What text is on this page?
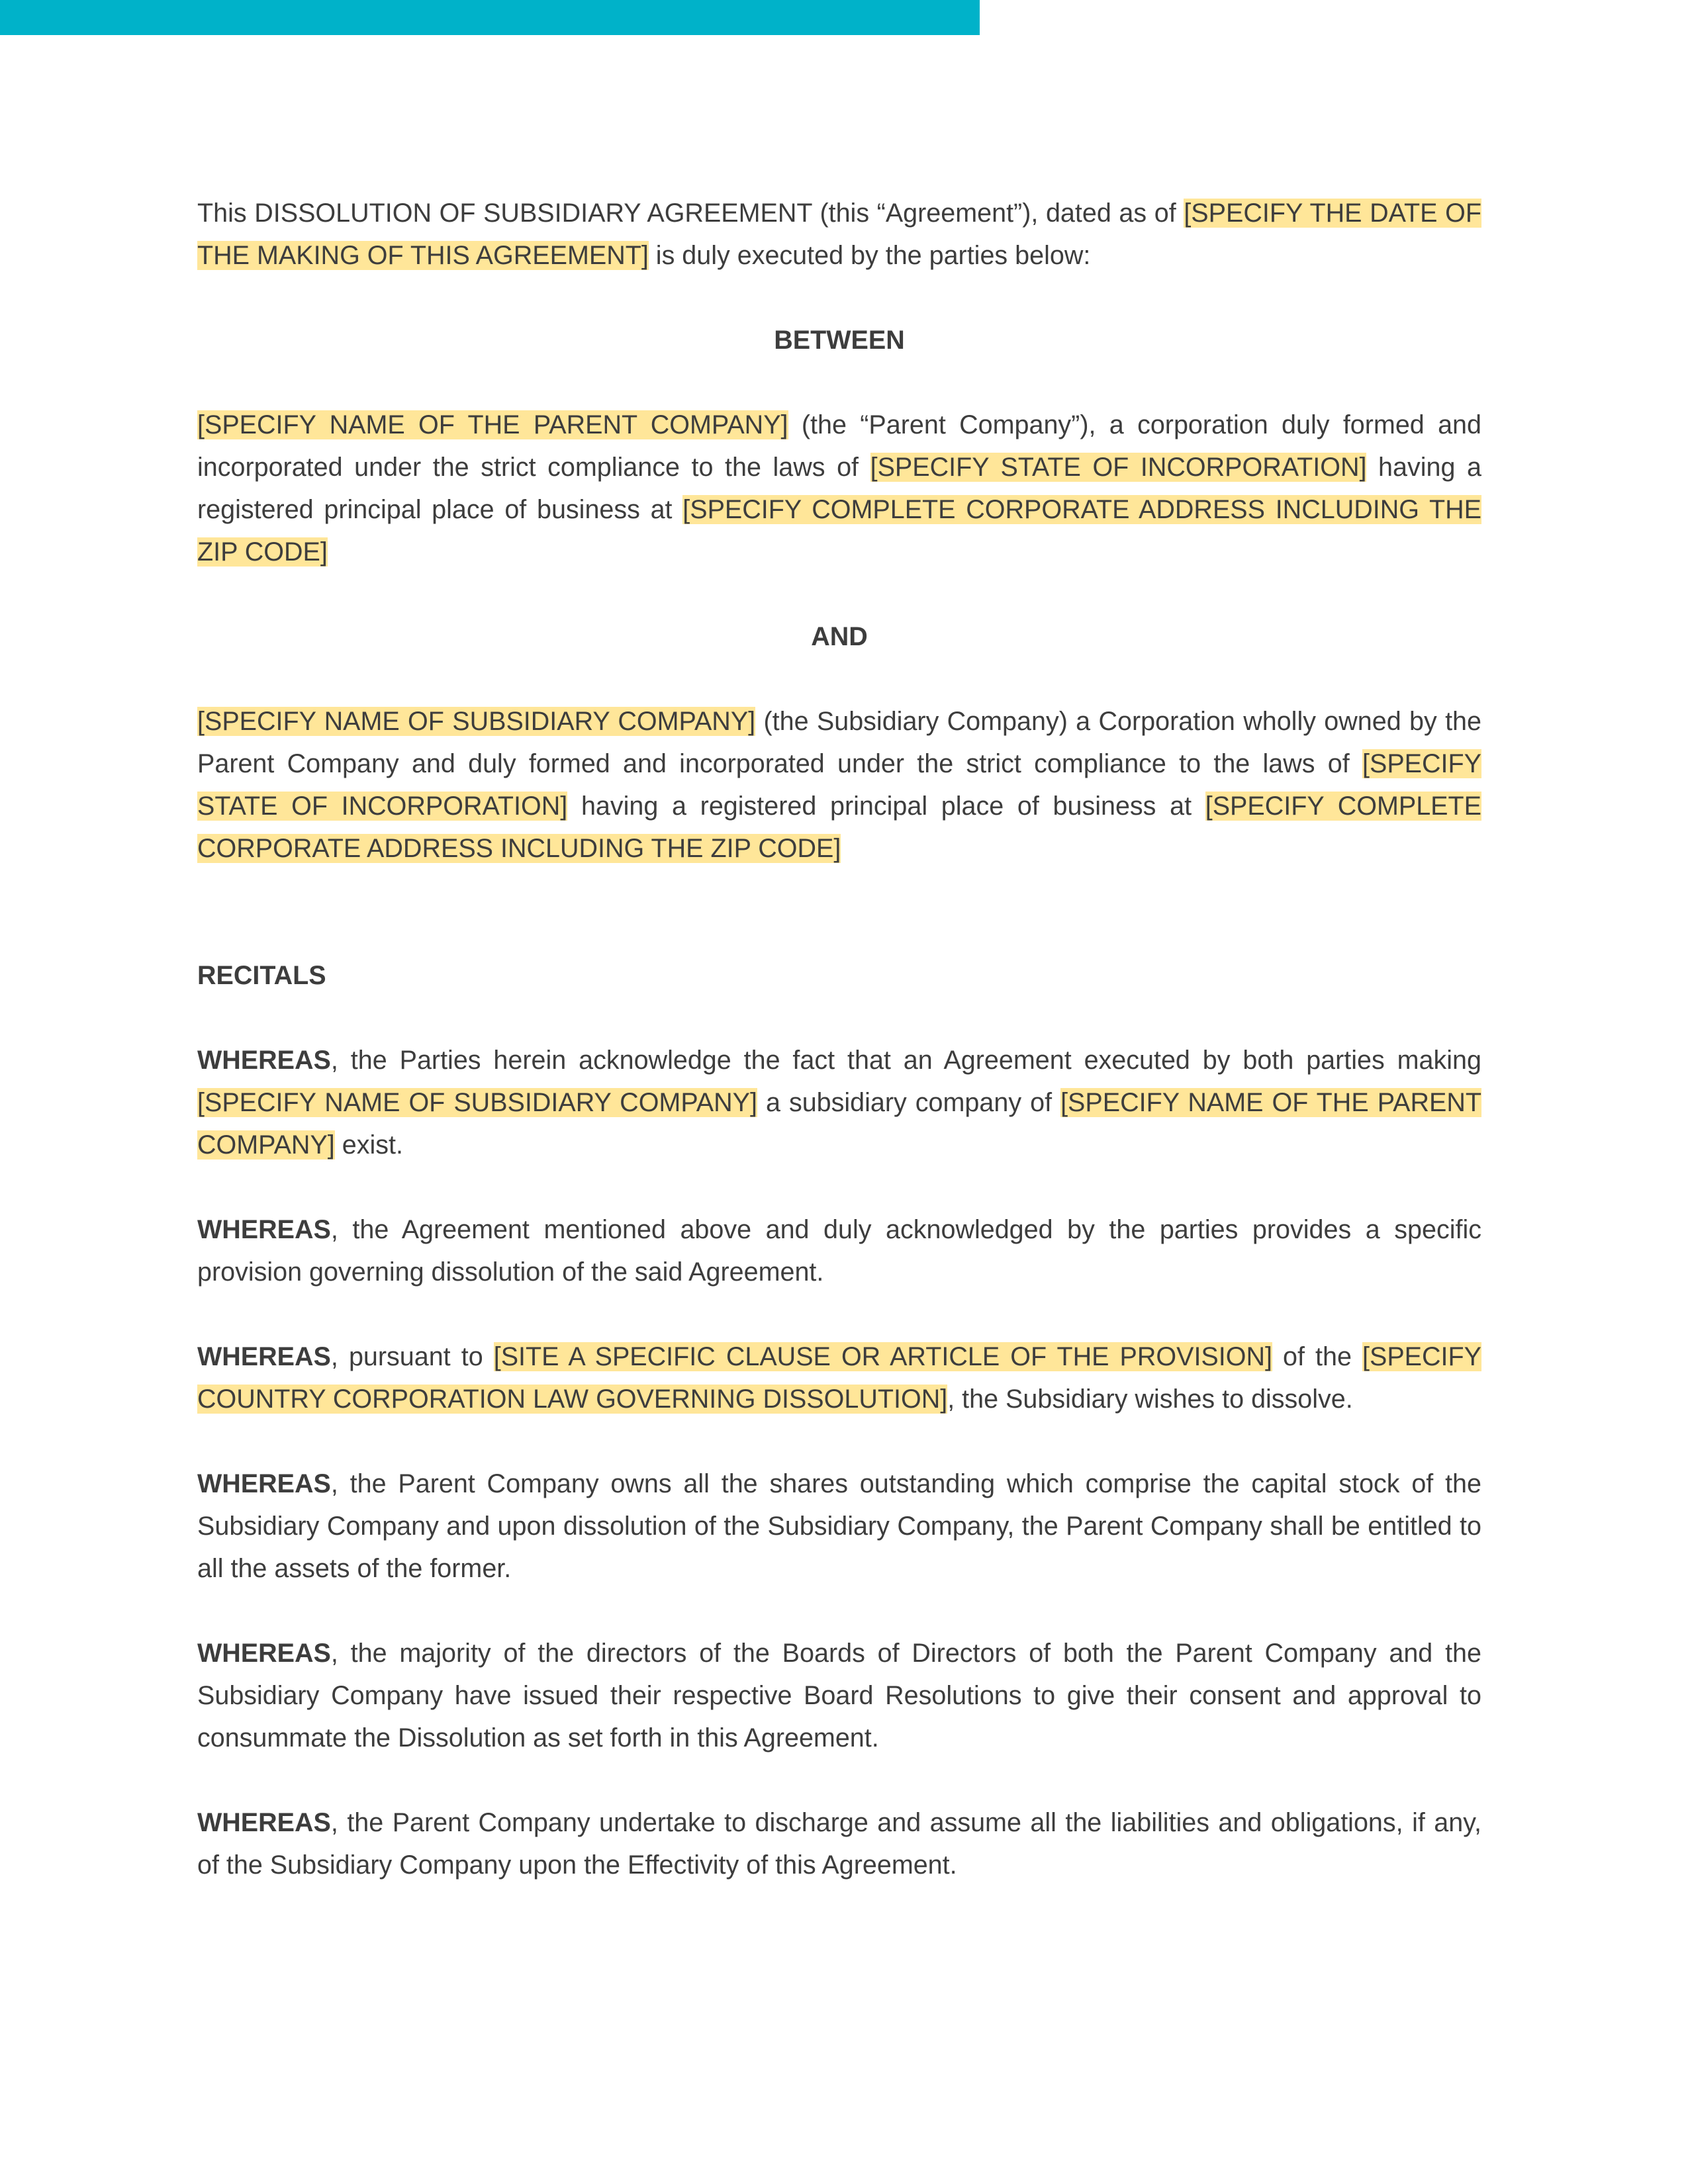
This DISSOLUTION OF SUBSIDIARY AGREEMENT (this “Agreement”), dated as of [SPECIFY THE DATE OF THE MAKING OF THIS AGREEMENT] is duly executed by the parties below:

BETWEEN

[SPECIFY NAME OF THE PARENT COMPANY] (the “Parent Company”), a corporation duly formed and incorporated under the strict compliance to the laws of [SPECIFY STATE OF INCORPORATION] having a registered principal place of business at [SPECIFY COMPLETE CORPORATE ADDRESS INCLUDING THE ZIP CODE]

AND

[SPECIFY NAME OF SUBSIDIARY COMPANY] (the Subsidiary Company) a Corporation wholly owned by the Parent Company and duly formed and incorporated under the strict compliance to the laws of [SPECIFY STATE OF INCORPORATION] having a registered principal place of business at [SPECIFY COMPLETE CORPORATE ADDRESS INCLUDING THE ZIP CODE]

RECITALS

WHEREAS, the Parties herein acknowledge the fact that an Agreement executed by both parties making [SPECIFY NAME OF SUBSIDIARY COMPANY] a subsidiary company of [SPECIFY NAME OF THE PARENT COMPANY] exist.

WHEREAS, the Agreement mentioned above and duly acknowledged by the parties provides a specific provision governing dissolution of the said Agreement.

WHEREAS, pursuant to [SITE A SPECIFIC CLAUSE OR ARTICLE OF THE PROVISION] of the [SPECIFY COUNTRY CORPORATION LAW GOVERNING DISSOLUTION], the Subsidiary wishes to dissolve.

WHEREAS, the Parent Company owns all the shares outstanding which comprise the capital stock of the Subsidiary Company and upon dissolution of the Subsidiary Company, the Parent Company shall be entitled to all the assets of the former.

WHEREAS, the majority of the directors of the Boards of Directors of both the Parent Company and the Subsidiary Company have issued their respective Board Resolutions to give their consent and approval to consummate the Dissolution as set forth in this Agreement.

WHEREAS, the Parent Company undertake to discharge and assume all the liabilities and obligations, if any, of the Subsidiary Company upon the Effectivity of this Agreement.
